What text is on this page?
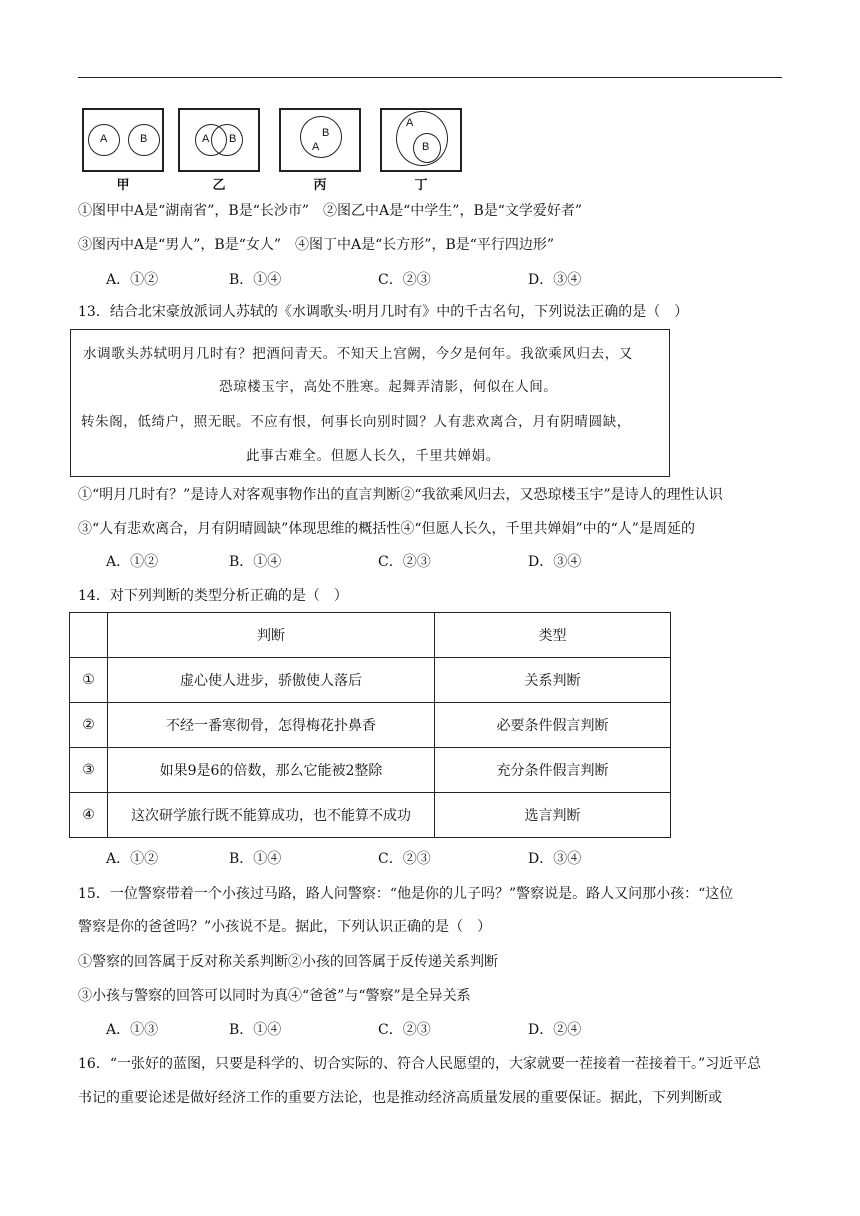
A	B
甲
A B
乙
B
A
丙
A
B
丁
①图甲中A是“湖南省”，B是“长沙市”　②图乙中A是“中学生”，B是“文学爱好者”
③图丙中A是“男人”，B是“女人”　④图丁中A是“长方形”，B是“平行四边形”
A．①②	B．①④	C．②③	D．③④
13．结合北宋豪放派词人苏轼的《水调歌头·明月几时有》中的千古名句，下列说法正确的是（　）
水调歌头苏轼明月几时有？把酒问青天。不知天上宫阙，今夕是何年。我欲乘风归去，又
恐琼楼玉宇，高处不胜寒。起舞弄清影，何似在人间。
转朱阁，低绮户，照无眠。不应有恨，何事长向别时圆？人有悲欢离合，月有阴晴圆缺，
此事古难全。但愿人长久，千里共婵娟。
①“明月几时有？”是诗人对客观事物作出的直言判断②“我欲乘风归去，又恐琼楼玉宇”是诗人的理性认识
③“人有悲欢离合，月有阴晴圆缺”体现思维的概括性④“但愿人长久，千里共婵娟”中的“人”是周延的
A．①②	B．①④	C．②③	D．③④
14．对下列判断的类型分析正确的是（　）
	判断	类型
①	虚心使人进步，骄傲使人落后	关系判断
②	不经一番寒彻骨，怎得梅花扑鼻香	必要条件假言判断
③	如果9是6的倍数，那么它能被2整除	充分条件假言判断
④	这次研学旅行既不能算成功，也不能算不成功	选言判断
A．①②	B．①④	C．②③	D．③④
15．一位警察带着一个小孩过马路，路人问警察：“他是你的儿子吗？”警察说是。路人又问那小孩：“这位
警察是你的爸爸吗？”小孩说不是。据此，下列认识正确的是（　）
①警察的回答属于反对称关系判断②小孩的回答属于反传递关系判断
③小孩与警察的回答可以同时为真④“爸爸”与“警察”是全异关系
A．①③	B．①④	C．②③	D．②④
16．“一张好的蓝图，只要是科学的、切合实际的、符合人民愿望的，大家就要一茬接着一茬接着干。”习近平总
书记的重要论述是做好经济工作的重要方法论，也是推动经济高质量发展的重要保证。据此，下列判断或
